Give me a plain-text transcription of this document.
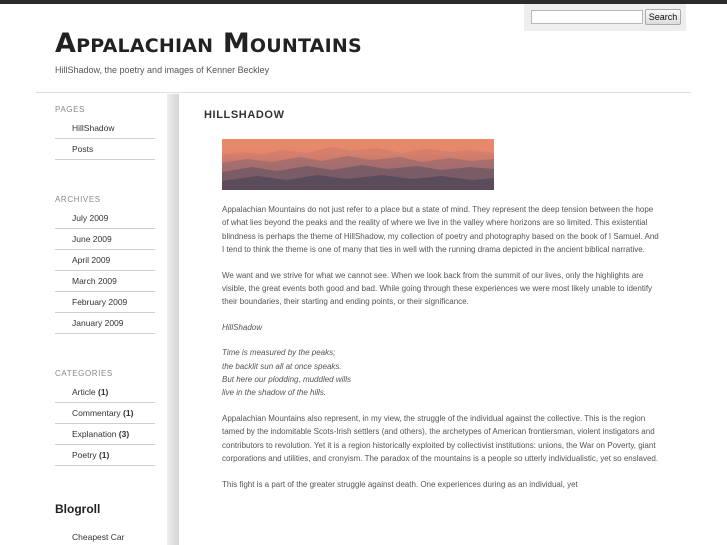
Search
Appalachian Mountains
HillShadow, the poetry and images of Kenner Beckley
PAGES
HillShadow
Posts
ARCHIVES
July 2009
June 2009
April 2009
March 2009
February 2009
January 2009
CATEGORIES
Article (1)
Commentary (1)
Explanation (3)
Poetry (1)
Blogroll
Cheapest Car
HILLSHADOW

Appalachian Mountains do not just refer to a place but a state of mind. They represent the deep tension between the hope of what lies beyond the peaks and the reality of where we live in the valley where horizons are so limited. This existential blindness is perhaps the theme of HillShadow, my collection of poetry and photography based on the book of I Samuel. And I tend to think the theme is one of many that ties in well with the running drama depicted in the ancient biblical narrative.

We want and we strive for what we cannot see. When we look back from the summit of our lives, only the highlights are visible, the great events both good and bad. While going through these experiences we were most likely unable to identify their boundaries, their starting and ending points, or their significance.

HillShadow

Time is measured by the peaks;
the backlit sun all at once speaks.
But here our plodding, muddled wills
live in the shadow of the hills.

Appalachian Mountains also represent, in my view, the struggle of the individual against the collective. This is the region tamed by the indomitable Scots-Irish settlers (and others), the archetypes of American frontiersman, violent instigators and contributors to revolution. Yet it is a region historically exploited by collectivist institutions: unions, the War on Poverty, giant corporations and utilities, and cronyism. The paradox of the mountains is a people so utterly individualistic, yet so enslaved.

This fight is a part of the greater struggle against death. One experiences during as an individual, yet
